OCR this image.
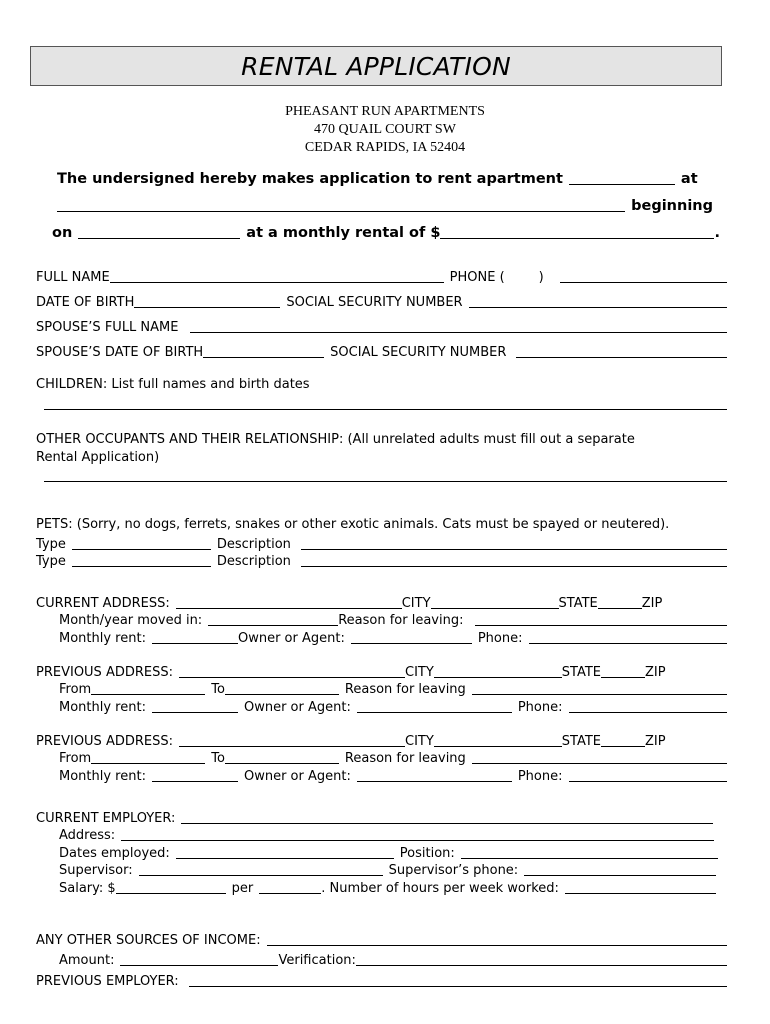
RENTAL APPLICATION
PHEASANT RUN APARTMENTS
470 QUAIL COURT SW
CEDAR RAPIDS, IA 52404
The undersigned hereby makes application to rent apartment	at
beginning
on	at a monthly rental of $	.
FULL NAME	PHONE (	)
DATE OF BIRTH	SOCIAL SECURITY NUMBER
SPOUSE’S FULL NAME
SPOUSE’S DATE OF BIRTH	SOCIAL SECURITY NUMBER
CHILDREN: List full names and birth dates
OTHER OCCUPANTS AND THEIR RELATIONSHIP: (All unrelated adults must fill out a separate
Rental Application)
PETS: (Sorry, no dogs, ferrets, snakes or other exotic animals. Cats must be spayed or neutered).
Type	Description
Type	Description
CURRENT ADDRESS:	CITY	STATE	ZIP
Month/year moved in:	Reason for leaving:
Monthly rent:	Owner or Agent:	Phone:
PREVIOUS ADDRESS:	CITY	STATE	ZIP
From	To	Reason for leaving
Monthly rent:	Owner or Agent:	Phone:
PREVIOUS ADDRESS:	CITY	STATE	ZIP
From	To	Reason for leaving
Monthly rent:	Owner or Agent:	Phone:
CURRENT EMPLOYER:
Address:
Dates employed:	Position:
Supervisor:	Supervisor’s phone:
Salary: $	per	. Number of hours per week worked:
ANY OTHER SOURCES OF INCOME:
Amount:	Verification:
PREVIOUS EMPLOYER:
